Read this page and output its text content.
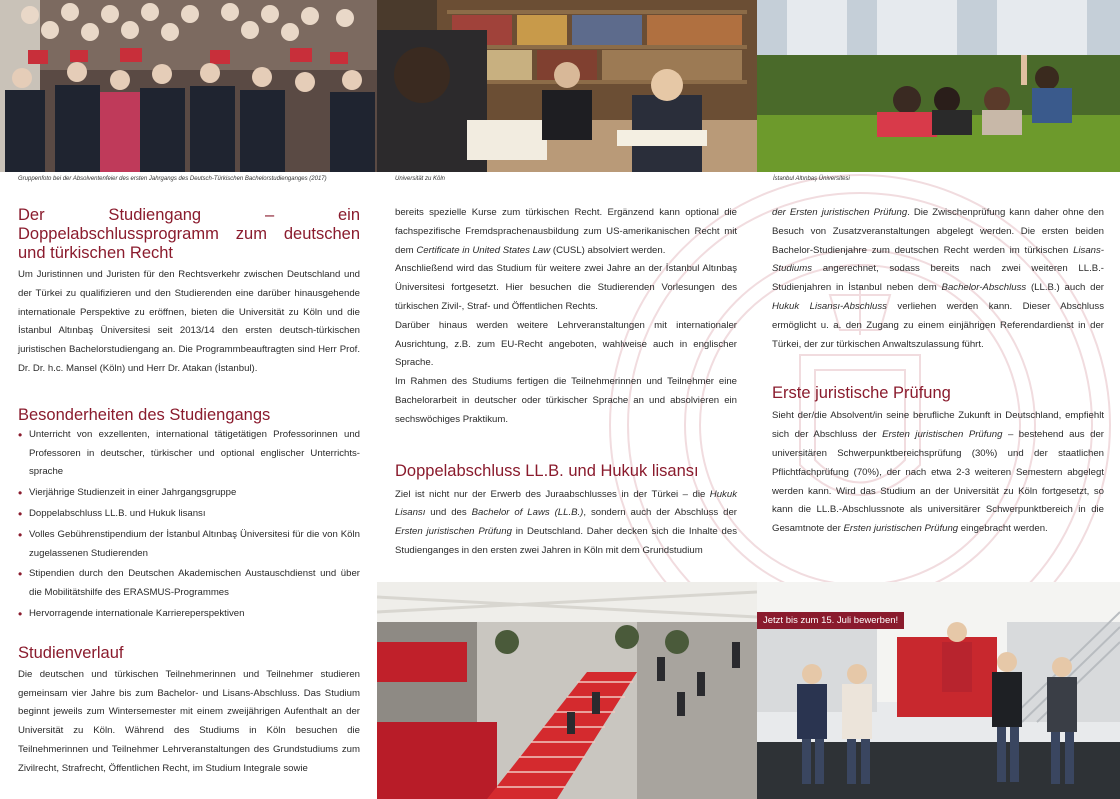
Gruppenfoto bei der Absolventenfeier des ersten Jahrgangs des Deutsch-Türkischen Bachelorstudienganges (2017)	Universität zu Köln	İstanbul Altınbaş Üniversitesi
Der Studiengang – ein Doppelabschlussprogramm zum deutschen und türkischen Recht

Um Juristinnen und Juristen für den Rechtsverkehr zwischen Deutschland und der Türkei zu qualifizieren und den Studierenden eine darüber hinausgehende internationale Perspektive zu eröffnen, bieten die Universität zu Köln und die İstanbul Altınbaş Üniversitesi seit 2013/14 den ersten deutsch-türkischen juristischen Bachelorstudiengang an. Die Programmbeauftragten sind Herr Prof. Dr. Dr. h.c. Mansel (Köln) und Herr Dr. Atakan (İstanbul).

Besonderheiten des Studiengangs
• Unterricht von exzellenten, international tätigetätigen Professorinnen und Professoren in deutscher, türkischer und optional englischer Unterrichts-sprache
• Vierjährige Studienzeit in einer Jahrgangsgruppe
• Doppelabschluss LL.B. und Hukuk lisansı
• Volles Gebührenstipendium der İstanbul Altınbaş Üniversitesi für die von Köln zugelassenen Studierenden
• Stipendien durch den Deutschen Akademischen Austauschdienst und über die Mobilitätshilfe des ERASMUS-Programmes
• Hervorragende internationale Karriereperspektiven
Studienverlauf

Die deutschen und türkischen Teilnehmerinnen und Teilnehmer studieren gemeinsam vier Jahre bis zum Bachelor- und Lisans-Abschluss. Das Studium beginnt jeweils zum Wintersemester mit einem zweijährigen Aufenthalt an der Universität zu Köln. Während des Studiums in Köln besuchen die Teilnehmerinnen und Teilnehmer Lehrveranstaltungen des Grundstudiums zum Zivilrecht, Strafrecht, Öffentlichen Recht, im Studium Integrale sowie

bereits spezielle Kurse zum türkischen Recht. Ergänzend kann optional die fachspezifische Fremdsprachenausbildung zum US-amerikanischen Recht mit dem Certificate in United States Law (CUSL) absolviert werden.

Anschließend wird das Studium für weitere zwei Jahre an der İstanbul Altınbaş Üniversitesi fortgesetzt. Hier besuchen die Studierenden Vorlesungen des türkischen Zivil-, Straf- und Öffentlichen Rechts.

Darüber hinaus werden weitere Lehrveranstaltungen mit internationaler Ausrichtung, z.B. zum EU-Recht angeboten, wahlweise auch in englischer Sprache.

Im Rahmen des Studiums fertigen die Teilnehmerinnen und Teilnehmer eine Bachelorarbeit in deutscher oder türkischer Sprache an und absolvieren ein sechswöchiges Praktikum.

Doppelabschluss LL.B. und Hukuk lisansı

Ziel ist nicht nur der Erwerb des Juraabschlusses in der Türkei – die Hukuk Lisansı und des Bachelor of Laws (LL.B.), sondern auch der Abschluss der Ersten juristischen Prüfung in Deutschland. Daher decken sich die Inhalte des Studienganges in den ersten zwei Jahren in Köln mit dem Grundstudium

der Ersten juristischen Prüfung. Die Zwischenprüfung kann daher ohne den Besuch von Zusatzveranstaltungen abgelegt werden. Die ersten beiden Bachelor-Studienjahre zum deutschen Recht werden im türkischen Lisans-Studiums angerechnet, sodass bereits nach zwei weiteren LL.B.-Studienjahren in İstanbul neben dem Bachelor-Abschluss (LL.B.) auch der Hukuk Lisansı-Abschluss verliehen werden kann. Dieser Abschluss ermöglicht u. a. den Zugang zu einem einjährigen Referendardienst in der Türkei, der zur türkischen Anwaltszulassung führt.

Erste juristische Prüfung

Sieht der/die Absolvent/in seine berufliche Zukunft in Deutschland, empfiehlt sich der Abschluss der Ersten juristischen Prüfung – bestehend aus der universitären Schwerpunktbereichsprüfung (30%) und der staatlichen Pflichtfachprüfung (70%), der nach etwa 2-3 weiteren Semestern abgelegt werden kann. Wird das Studium an der Universität zu Köln fortgesetzt, so kann die LL.B.-Abschlussnote als universitärer Schwerpunktbereich in die Gesamtnote der Ersten juristischen Prüfung eingebracht werden.

Jetzt bis zum 15. Juli bewerben!
